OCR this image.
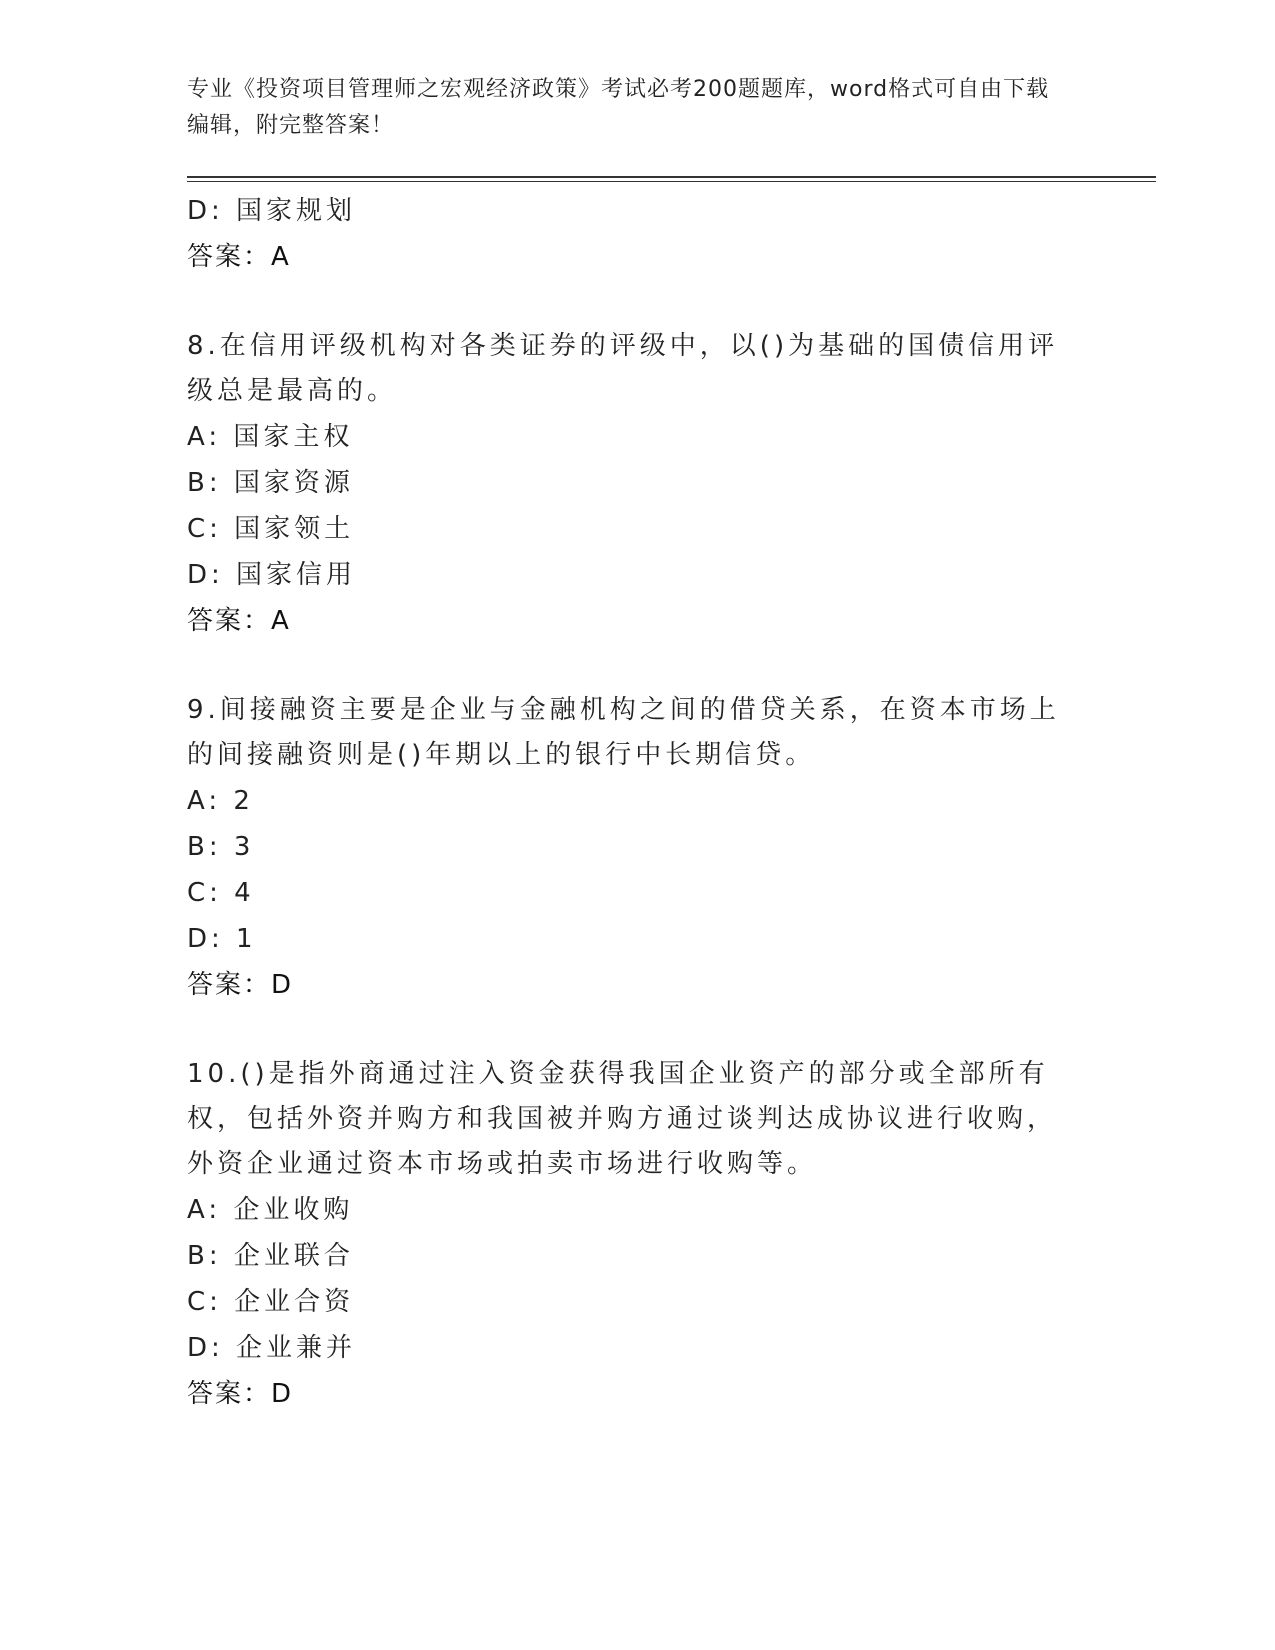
专业《投资项目管理师之宏观经济政策》考试必考200题题库，word格式可自由下载编辑，附完整答案！
D: 国家规划
答案：A
8.在信用评级机构对各类证券的评级中，以()为基础的国债信用评级总是最高的。
A: 国家主权
B: 国家资源
C: 国家领土
D: 国家信用
答案：A
9.间接融资主要是企业与金融机构之间的借贷关系，在资本市场上的间接融资则是()年期以上的银行中长期信贷。
A: 2
B: 3
C: 4
D: 1
答案：D
10.()是指外商通过注入资金获得我国企业资产的部分或全部所有权，包括外资并购方和我国被并购方通过谈判达成协议进行收购，外资企业通过资本市场或拍卖市场进行收购等。
A: 企业收购
B: 企业联合
C: 企业合资
D: 企业兼并
答案：D
